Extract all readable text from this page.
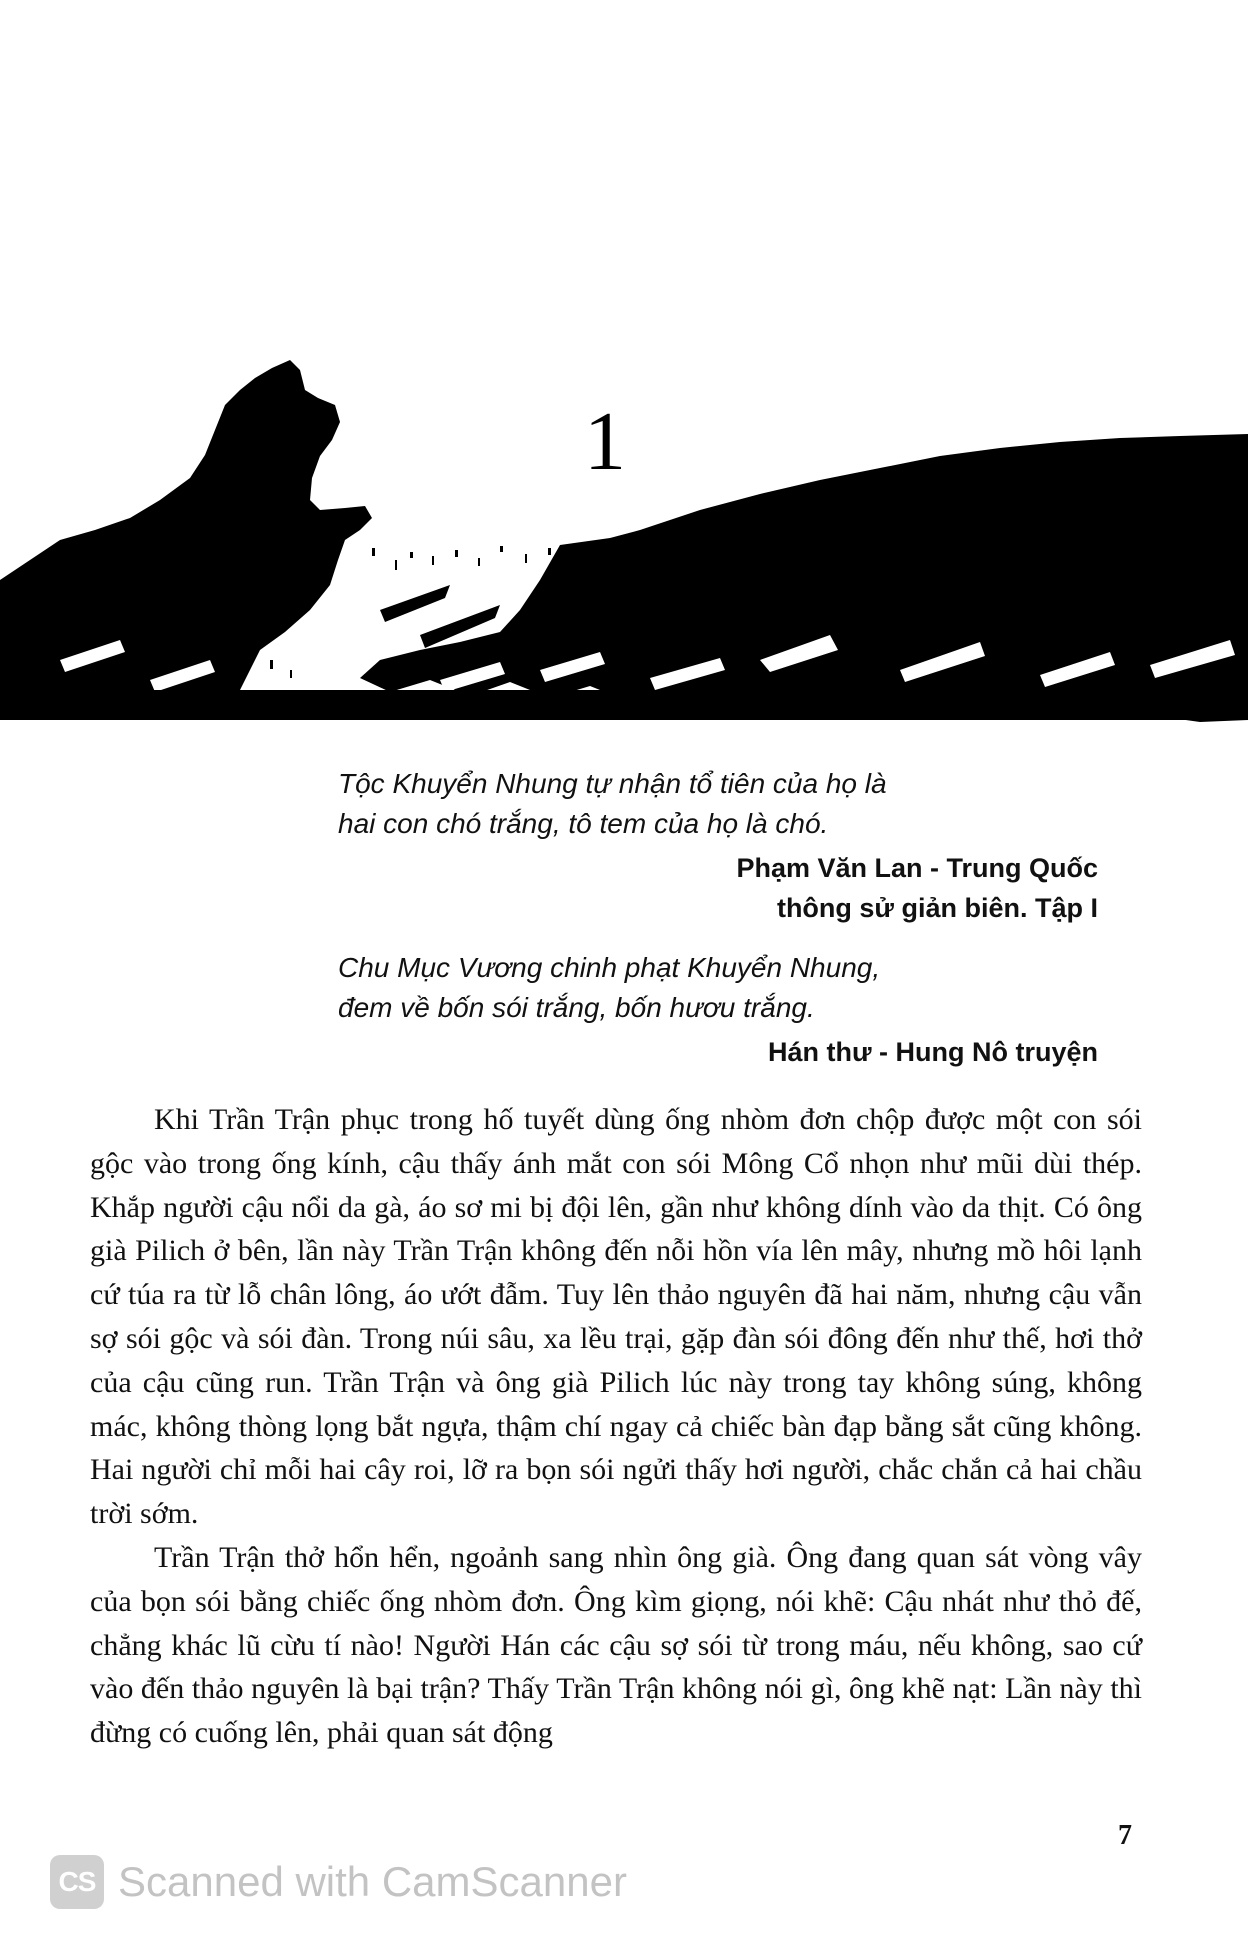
1

Tộc Khuyển Nhung tự nhận tổ tiên của họ là
hai con chó trắng, tô tem của họ là chó.

Phạm Văn Lan - Trung Quốc
thông sử giản biên. Tập I

Chu Mục Vương chinh phạt Khuyển Nhung,
đem về bốn sói trắng, bốn hươu trắng.

Hán thư - Hung Nô truyện

Khi Trần Trận phục trong hố tuyết dùng ống nhòm đơn chộp được một con sói gộc vào trong ống kính, cậu thấy ánh mắt con sói Mông Cổ nhọn như mũi dùi thép. Khắp người cậu nổi da gà, áo sơ mi bị đội lên, gần như không dính vào da thịt. Có ông già Pilich ở bên, lần này Trần Trận không đến nỗi hồn vía lên mây, nhưng mồ hôi lạnh cứ túa ra từ lỗ chân lông, áo ướt đẫm. Tuy lên thảo nguyên đã hai năm, nhưng cậu vẫn sợ sói gộc và sói đàn. Trong núi sâu, xa lều trại, gặp đàn sói đông đến như thế, hơi thở của cậu cũng run. Trần Trận và ông già Pilich lúc này trong tay không súng, không mác, không thòng lọng bắt ngựa, thậm chí ngay cả chiếc bàn đạp bằng sắt cũng không. Hai người chỉ mỗi hai cây roi, lỡ ra bọn sói ngửi thấy hơi người, chắc chắn cả hai chầu trời sớm.

Trần Trận thở hổn hển, ngoảnh sang nhìn ông già. Ông đang quan sát vòng vây của bọn sói bằng chiếc ống nhòm đơn. Ông kìm giọng, nói khẽ: Cậu nhát như thỏ đế, chẳng khác lũ cừu tí nào! Người Hán các cậu sợ sói từ trong máu, nếu không, sao cứ vào đến thảo nguyên là bại trận? Thấy Trần Trận không nói gì, ông khẽ nạt: Lần này thì đừng có cuống lên, phải quan sát động

7
CS Scanned with CamScanner
